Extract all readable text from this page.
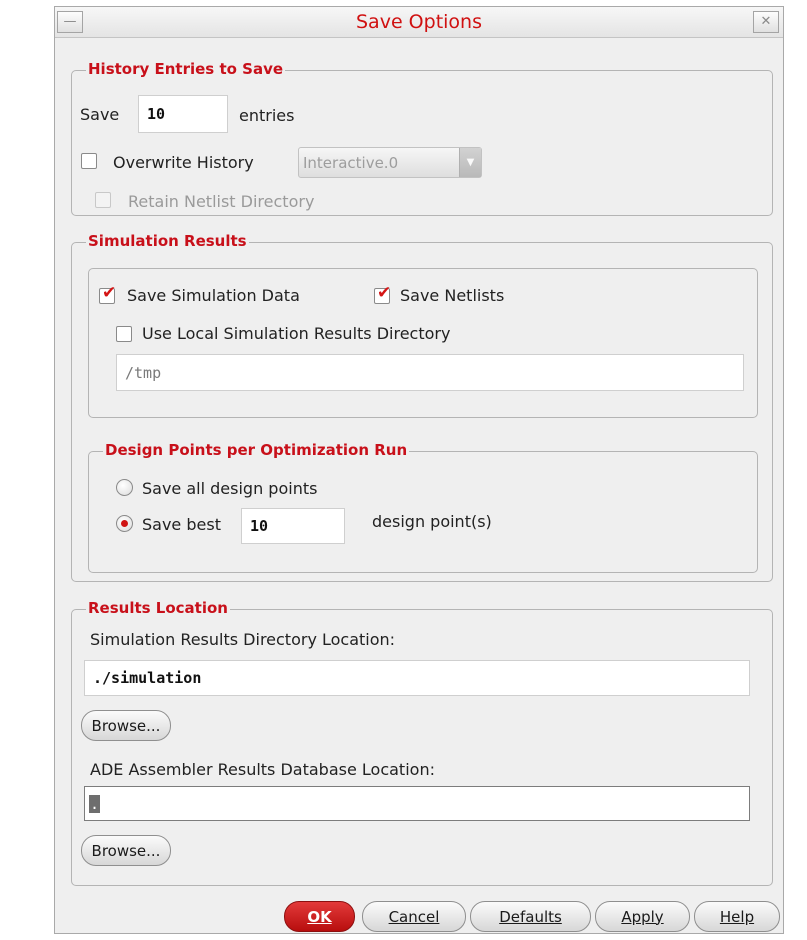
—	Save Options	✕
History Entries to Save
Save	10	entries
Overwrite History	Interactive.0	▼
Retain Netlist Directory
Simulation Results
✔ Save Simulation Data	✔ Save Netlists
Use Local Simulation Results Directory
/tmp
Design Points per Optimization Run
Save all design points
Save best	10	design point(s)
Results Location
Simulation Results Directory Location:
./simulation
Browse...
ADE Assembler Results Database Location:
.
Browse...
OK	Cancel	Defaults	Apply	Help
